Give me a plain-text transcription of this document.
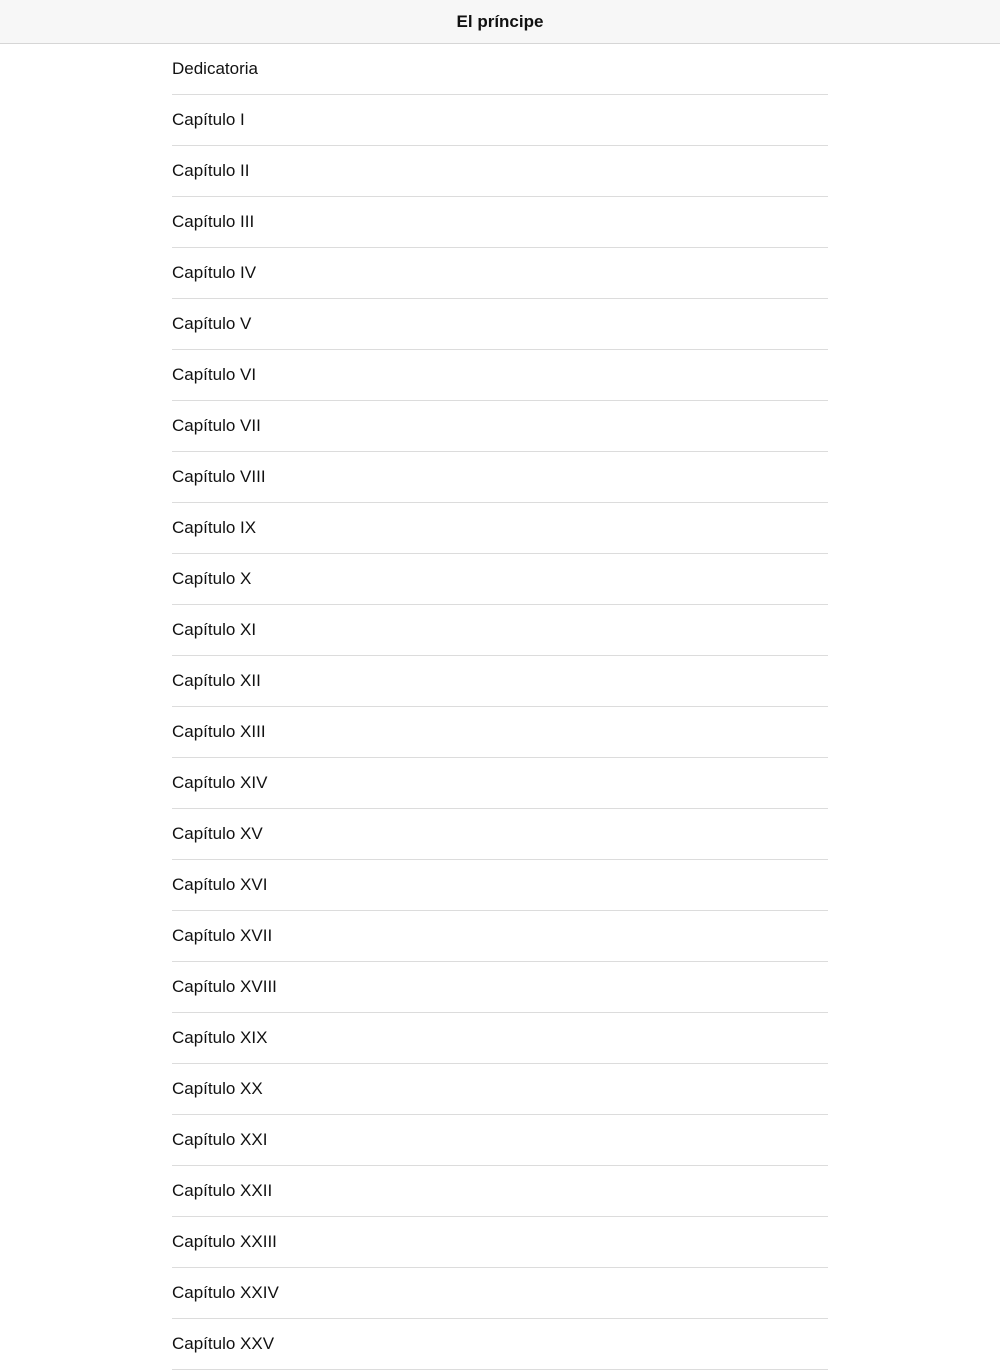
El príncipe
Dedicatoria
Capítulo I
Capítulo II
Capítulo III
Capítulo IV
Capítulo V
Capítulo VI
Capítulo VII
Capítulo VIII
Capítulo IX
Capítulo X
Capítulo XI
Capítulo XII
Capítulo XIII
Capítulo XIV
Capítulo XV
Capítulo XVI
Capítulo XVII
Capítulo XVIII
Capítulo XIX
Capítulo XX
Capítulo XXI
Capítulo XXII
Capítulo XXIII
Capítulo XXIV
Capítulo XXV
